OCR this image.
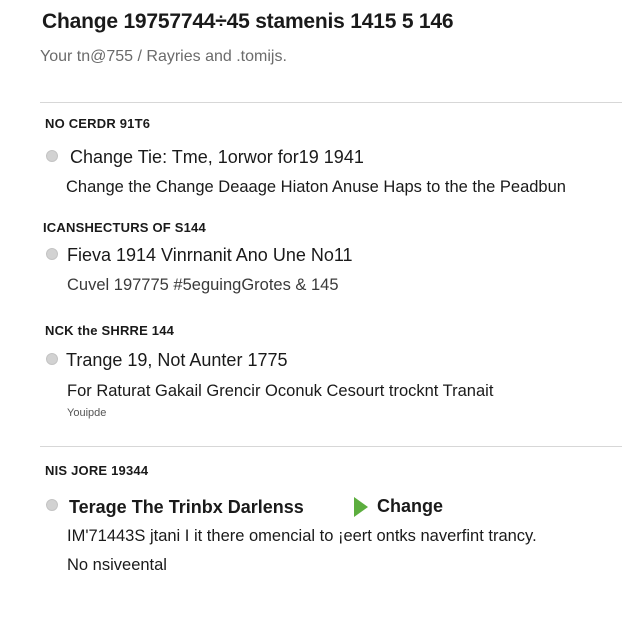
Change 19757744÷45 stamenis 1415 5 146
Your tn@755 / Rayries and .tomijs.
NO CERDR 91T6
Change Tie: Tme, 1orwor for19 1941
Change the Change Deaage Hiaton Anuse Haps to the the Peadbun
ICANSHECTURS OF S144
Fieva 1914 Vinrnanit Ano Une No11
Cuvel 197775 #5eguingGrotes & 145
NCK the SHRRE 144
Trange 19, Not Aunter 1775
For Raturat Gakail Grencir Oconuk Cesourt trocknt Tranait
Youipde
NIS JORE 19344
Terage The Trinbx Darlenss	Change
IM'71443S jtani I it there omencial to ¡eert ontks naverfint trancy.
No nsiveental
